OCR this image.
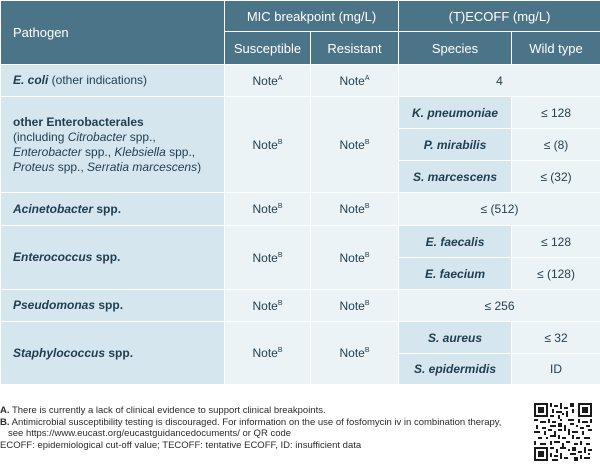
Pathogen	MIC breakpoint (mg/L)		(T)ECOFF (mg/L)	
	Susceptible	Resistant	Species	Wild type
E. coli (other indications)	Note$^A$	Note$^A$	4	

other Enterobacterales
(including Citrobacter spp.,
Enterobacter spp., Klebsiella spp.,
Proteus spp., Serratia marcescens)	Note$^B$	Note$^B$	K. pneumoniae	≤ 128
			P. mirabilis	≤ (8)
			S. marcescens	≤ (32)
Acinetobacter spp.	Note$^B$	Note$^B$	≤ (512)	
Enterococcus spp.	Note$^B$	Note$^B$	E. faecalis	≤ 128
			E. faecium	≤ (128)
Pseudomonas spp.	Note$^B$	Note$^B$	≤ 256	
Staphylococcus spp.	Note$^B$	Note$^B$	S. aureus	≤ 32
			S. epidermidis	ID
A. There is currently a lack of clinical evidence to support clinical breakpoints.
B. Antimicrobial susceptibility testing is discouraged. For information on the use of fosfomycin iv in combination therapy,
see https://www.eucast.org/eucastguidancedocuments/ or QR code
ECOFF: epidemiological cut-off value; TECOFF: tentative ECOFF, ID: insufficient data
